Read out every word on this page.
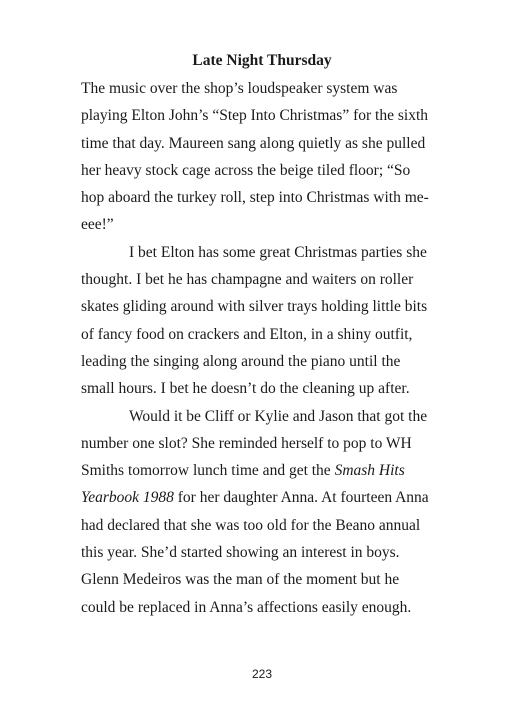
Late Night Thursday
The music over the shop’s loudspeaker system was
playing Elton John’s “Step Into Christmas” for the sixth
time that day. Maureen sang along quietly as she pulled
her heavy stock cage across the beige tiled floor; “So
hop aboard the turkey roll, step into Christmas with me-
eee!”
I bet Elton has some great Christmas parties she
thought. I bet he has champagne and waiters on roller
skates gliding around with silver trays holding little bits
of fancy food on crackers and Elton, in a shiny outfit,
leading the singing along around the piano until the
small hours. I bet he doesn’t do the cleaning up after.
Would it be Cliff or Kylie and Jason that got the
number one slot? She reminded herself to pop to WH
Smiths tomorrow lunch time and get the Smash Hits
Yearbook 1988 for her daughter Anna. At fourteen Anna
had declared that she was too old for the Beano annual
this year. She’d started showing an interest in boys.
Glenn Medeiros was the man of the moment but he
could be replaced in Anna’s affections easily enough.
223
